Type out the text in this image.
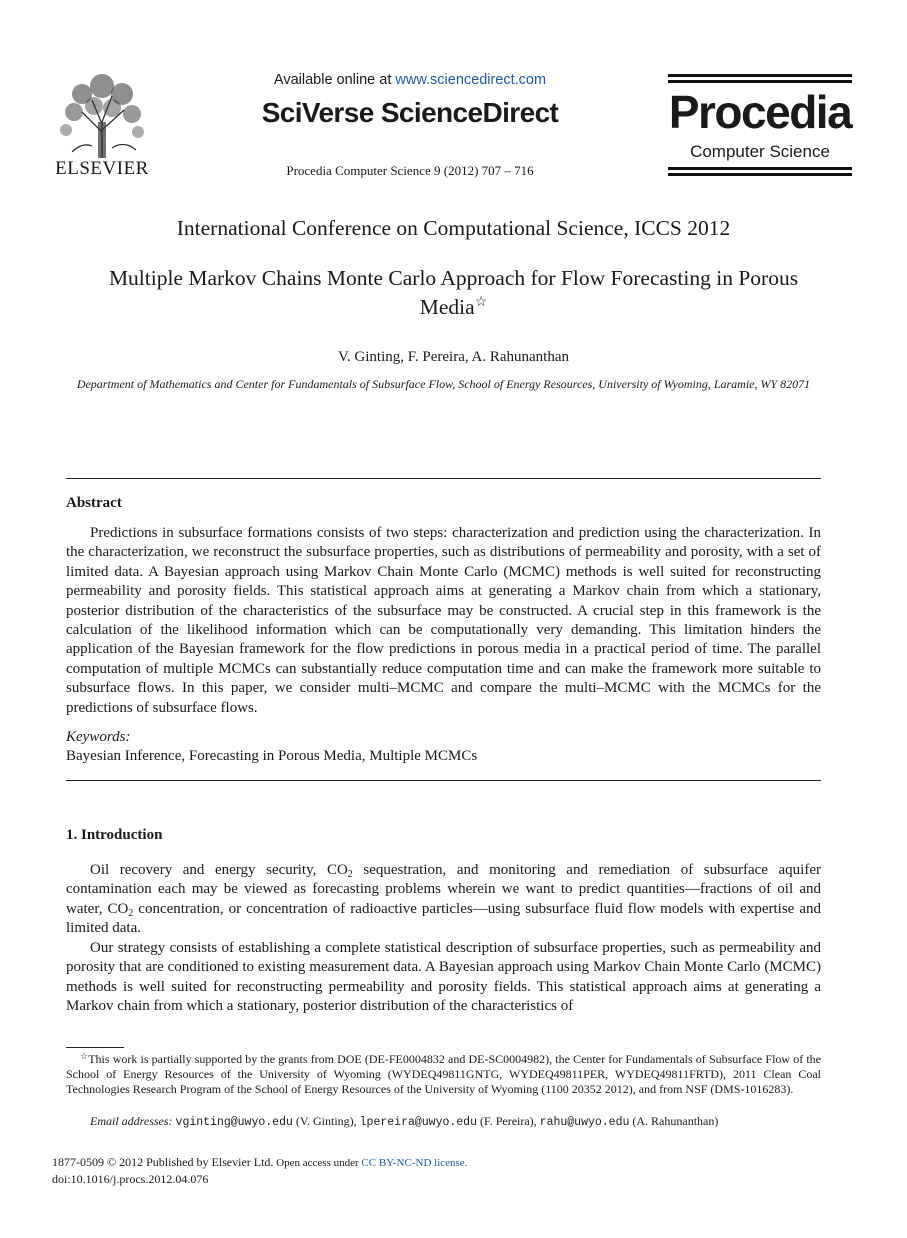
ELSEVIER
Available online at www.sciencedirect.com
SciVerse ScienceDirect
Procedia Computer Science 9 (2012) 707 – 716
Procedia
Computer Science
International Conference on Computational Science, ICCS 2012
Multiple Markov Chains Monte Carlo Approach for Flow Forecasting in Porous
Media☆
V. Ginting, F. Pereira, A. Rahunanthan
Department of Mathematics and Center for Fundamentals of Subsurface Flow, School of Energy Resources, University of Wyoming, Laramie, WY 82071
Abstract
Predictions in subsurface formations consists of two steps: characterization and prediction using the characterization. In the characterization, we reconstruct the subsurface properties, such as distributions of permeability and porosity, with a set of limited data. A Bayesian approach using Markov Chain Monte Carlo (MCMC) methods is well suited for reconstructing permeability and porosity fields. This statistical approach aims at generating a Markov chain from which a stationary, posterior distribution of the characteristics of the subsurface may be constructed. A crucial step in this framework is the calculation of the likelihood information which can be computationally very demanding. This limitation hinders the application of the Bayesian framework for the flow predictions in porous media in a practical period of time. The parallel computation of multiple MCMCs can substantially reduce computation time and can make the framework more suitable to subsurface flows. In this paper, we consider multi–MCMC and compare the multi–MCMC with the MCMCs for the predictions of subsurface flows.
Keywords:
Bayesian Inference, Forecasting in Porous Media, Multiple MCMCs
1. Introduction
Oil recovery and energy security, $CO_2$ sequestration, and monitoring and remediation of subsurface aquifer contamination each may be viewed as forecasting problems wherein we want to predict quantities—fractions of oil and water, $CO_2$ concentration, or concentration of radioactive particles—using subsurface fluid flow models with expertise and limited data.
Our strategy consists of establishing a complete statistical description of subsurface properties, such as permeability and porosity that are conditioned to existing measurement data. A Bayesian approach using Markov Chain Monte Carlo (MCMC) methods is well suited for reconstructing permeability and porosity fields. This statistical approach aims at generating a Markov chain from which a stationary, posterior distribution of the characteristics of
☆This work is partially supported by the grants from DOE (DE-FE0004832 and DE-SC0004982), the Center for Fundamentals of Subsurface Flow of the School of Energy Resources of the University of Wyoming (WYDEQ49811GNTG, WYDEQ49811PER, WYDEQ49811FRTD), 2011 Clean Coal Technologies Research Program of the School of Energy Resources of the University of Wyoming (1100 20352 2012), and from NSF (DMS-1016283).
Email addresses: vginting@uwyo.edu (V. Ginting), lpereira@uwyo.edu (F. Pereira), rahu@uwyo.edu (A. Rahunanthan)
1877-0509 © 2012 Published by Elsevier Ltd. Open access under CC BY-NC-ND license.
doi:10.1016/j.procs.2012.04.076
